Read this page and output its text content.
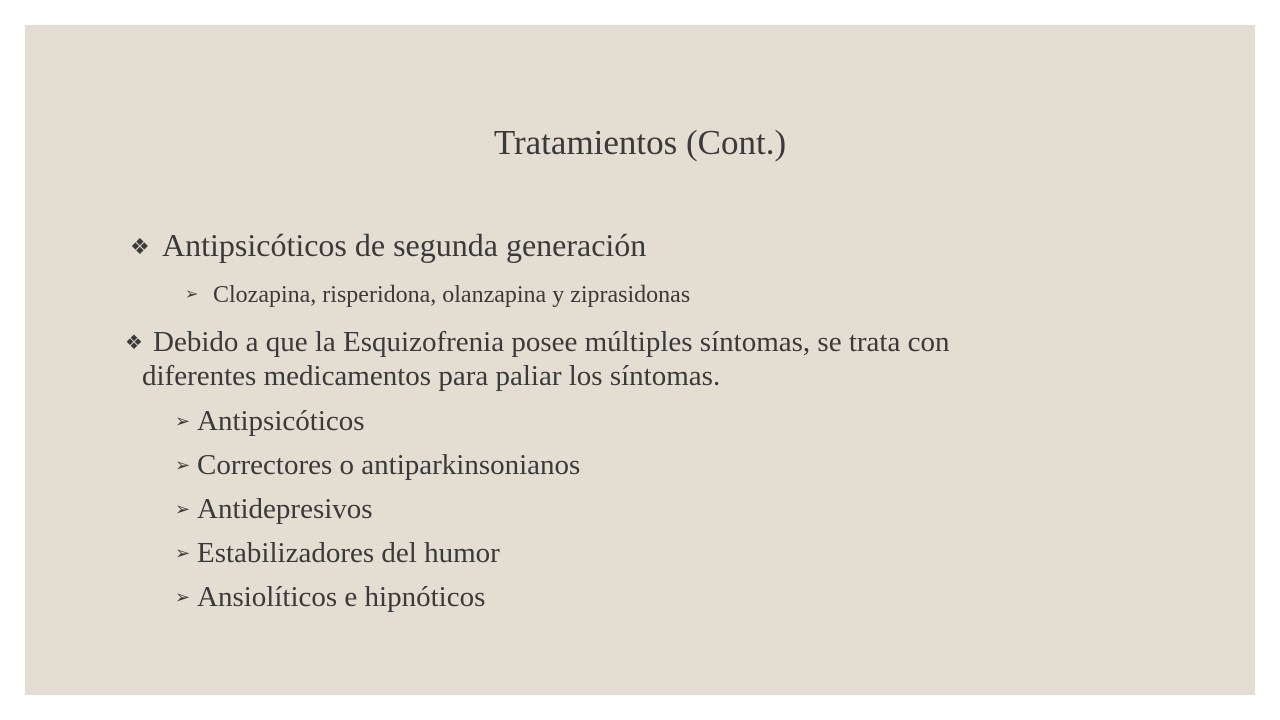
Tratamientos (Cont.)
❖ Antipsicóticos de segunda generación
➢ Clozapina, risperidona, olanzapina y ziprasidonas
❖ Debido a que la Esquizofrenia posee múltiples síntomas, se trata con
diferentes medicamentos para paliar los síntomas.
➢ Antipsicóticos
➢ Correctores o antiparkinsonianos
➢ Antidepresivos
➢ Estabilizadores del humor
➢ Ansiolíticos e hipnóticos
